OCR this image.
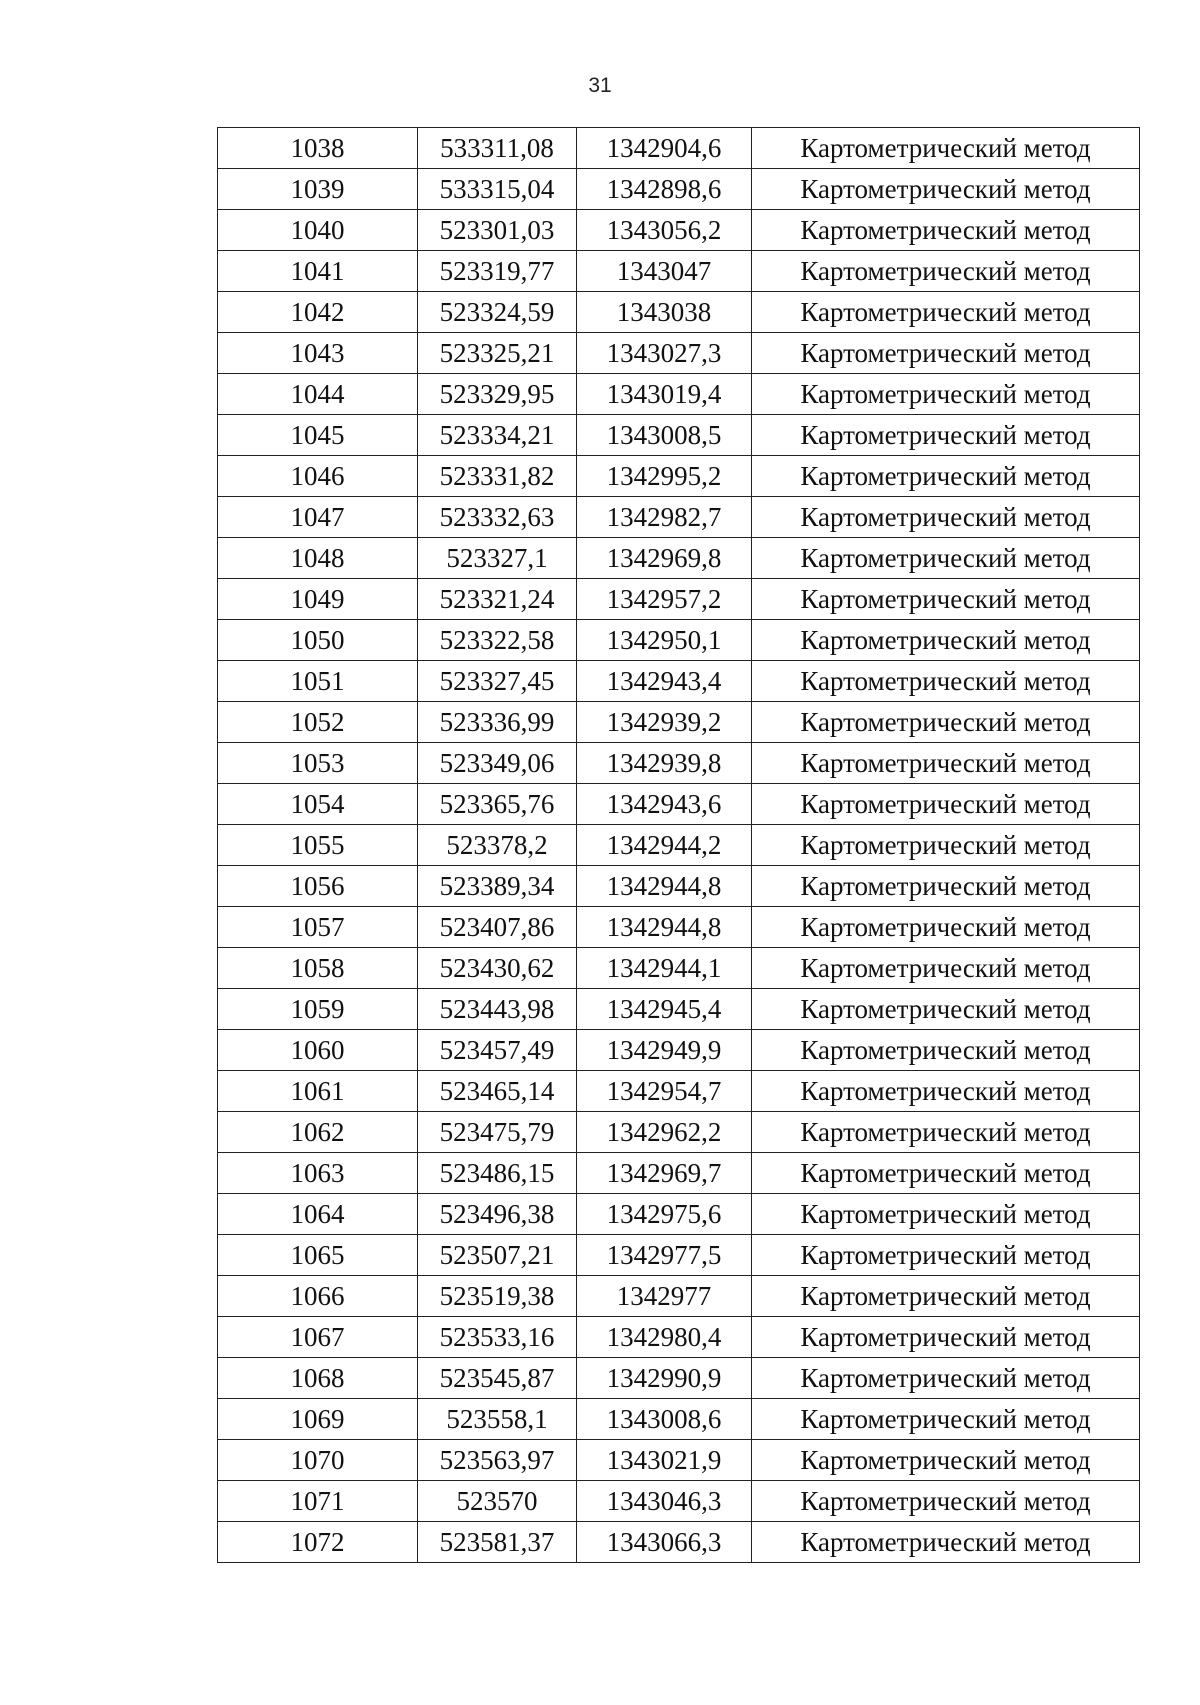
31
1038	533311,08	1342904,6	Картометрический метод
1039	533315,04	1342898,6	Картометрический метод
1040	523301,03	1343056,2	Картометрический метод
1041	523319,77	1343047	Картометрический метод
1042	523324,59	1343038	Картометрический метод
1043	523325,21	1343027,3	Картометрический метод
1044	523329,95	1343019,4	Картометрический метод
1045	523334,21	1343008,5	Картометрический метод
1046	523331,82	1342995,2	Картометрический метод
1047	523332,63	1342982,7	Картометрический метод
1048	523327,1	1342969,8	Картометрический метод
1049	523321,24	1342957,2	Картометрический метод
1050	523322,58	1342950,1	Картометрический метод
1051	523327,45	1342943,4	Картометрический метод
1052	523336,99	1342939,2	Картометрический метод
1053	523349,06	1342939,8	Картометрический метод
1054	523365,76	1342943,6	Картометрический метод
1055	523378,2	1342944,2	Картометрический метод
1056	523389,34	1342944,8	Картометрический метод
1057	523407,86	1342944,8	Картометрический метод
1058	523430,62	1342944,1	Картометрический метод
1059	523443,98	1342945,4	Картометрический метод
1060	523457,49	1342949,9	Картометрический метод
1061	523465,14	1342954,7	Картометрический метод
1062	523475,79	1342962,2	Картометрический метод
1063	523486,15	1342969,7	Картометрический метод
1064	523496,38	1342975,6	Картометрический метод
1065	523507,21	1342977,5	Картометрический метод
1066	523519,38	1342977	Картометрический метод
1067	523533,16	1342980,4	Картометрический метод
1068	523545,87	1342990,9	Картометрический метод
1069	523558,1	1343008,6	Картометрический метод
1070	523563,97	1343021,9	Картометрический метод
1071	523570	1343046,3	Картометрический метод
1072	523581,37	1343066,3	Картометрический метод
